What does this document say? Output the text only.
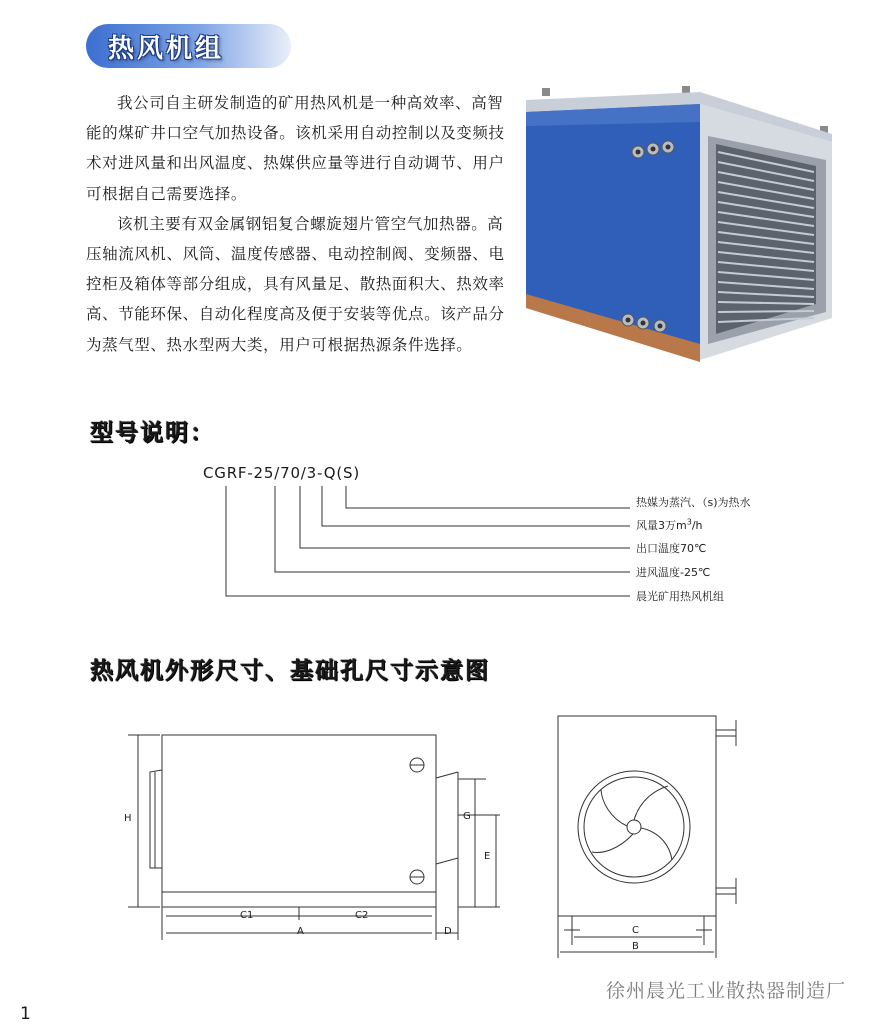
热风机组

我公司自主研发制造的矿用热风机是一种高效率、高智能的煤矿井口空气加热设备。该机采用自动控制以及变频技术对进风量和出风温度、热媒供应量等进行自动调节、用户可根据自己需要选择。

该机主要有双金属钢铝复合螺旋翅片管空气加热器。高压轴流风机、风筒、温度传感器、电动控制阀、变频器、电控柜及箱体等部分组成，具有风量足、散热面积大、热效率高、节能环保、自动化程度高及便于安装等优点。该产品分为蒸气型、热水型两大类，用户可根据热源条件选择。

型号说明：
CGRF-25/70/3-Q(S)
热媒为蒸汽、（s)为热水
风量3万$m^3/h$
出口温度70℃
进风温度-25℃
晨光矿用热风机组
热风机外形尺寸、基础孔尺寸示意图
H	G
E
C1	C2
A	D	C
B
徐州晨光工业散热器制造厂
1
